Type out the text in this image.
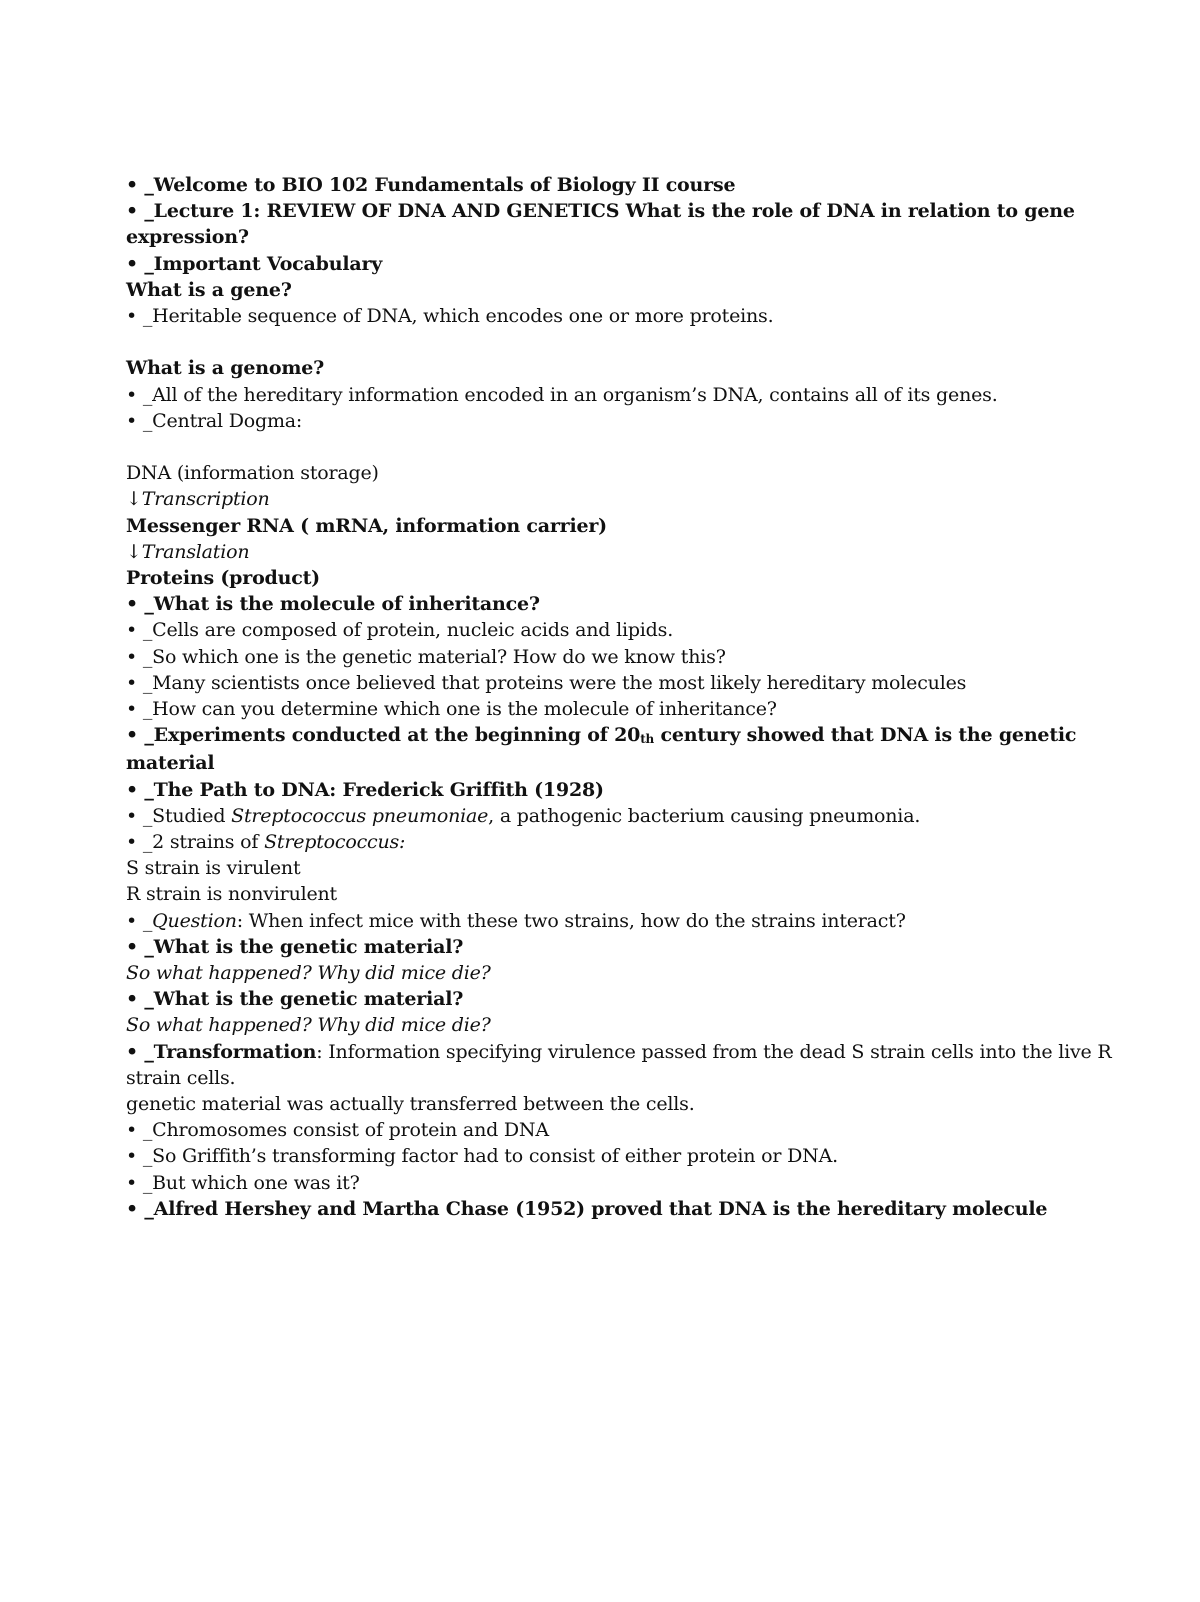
• _Welcome to BIO 102 Fundamentals of Biology II course
• _Lecture 1: REVIEW OF DNA AND GENETICS What is the role of DNA in relation to gene expression?
• _Important Vocabulary
What is a gene?
• _Heritable sequence of DNA, which encodes one or more proteins.
What is a genome?
• _All of the hereditary information encoded in an organism’s DNA, contains all of its genes.
• _Central Dogma:
DNA (information storage)
↓Transcription
Messenger RNA ( mRNA, information carrier)
↓Translation
Proteins (product)
• _What is the molecule of inheritance?
• _Cells are composed of protein, nucleic acids and lipids.
• _So which one is the genetic material? How do we know this?
• _Many scientists once believed that proteins were the most likely hereditary molecules
• _How can you determine which one is the molecule of inheritance?
• _Experiments conducted at the beginning of $20_{th}$ century showed that DNA is the genetic material
• _The Path to DNA: Frederick Griffith (1928)
• _Studied Streptococcus pneumoniae, a pathogenic bacterium causing pneumonia.
• _2 strains of Streptococcus:
S strain is virulent
R strain is nonvirulent
• _Question: When infect mice with these two strains, how do the strains interact?
• _What is the genetic material?
So what happened? Why did mice die?
• _What is the genetic material?
So what happened? Why did mice die?
• _Transformation: Information specifying virulence passed from the dead S strain cells into the live R strain cells.
genetic material was actually transferred between the cells.
• _Chromosomes consist of protein and DNA
• _So Griffith’s transforming factor had to consist of either protein or DNA.
• _But which one was it?
• _Alfred Hershey and Martha Chase (1952) proved that DNA is the hereditary molecule
